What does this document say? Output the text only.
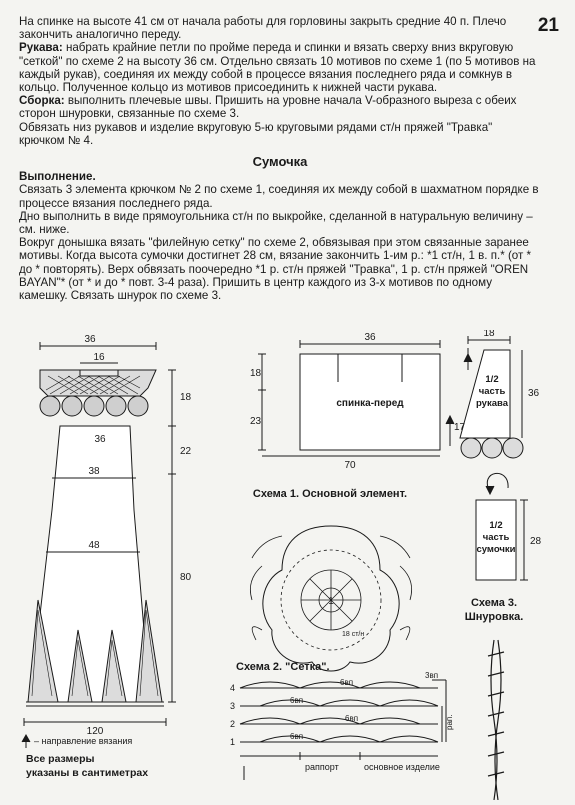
21

На спинке на высоте 41 см от начала работы для горловины закрыть средние 40 п. Плечо закончить аналогично переду.

Рукава: набрать крайние петли по пройме переда и спинки и вязать сверху вниз вкруговую "сеткой" по схеме 2 на высоту 36 см. Отдельно связать 10 мотивов по схеме 1 (по 5 мотивов на каждый рукав), соединяя их между собой в процессе вязания последнего ряда и сомкнув в кольцо. Полученное кольцо из мотивов присоединить к нижней части рукава.

Сборка: выполнить плечевые швы. Пришить на уровне начала V-образного выреза с обеих сторон шнуровки, связанные по схеме 3.

Обвязать низ рукавов и изделие вкруговую 5-ю круговыми рядами ст/н пряжей "Травка" крючком № 4.

Сумочка

Выполнение.

Связать 3 элемента крючком № 2 по схеме 1, соединяя их между собой в шахматном порядке в процессе вязания последнего ряда.

Дно выполнить в виде прямоугольника ст/н по выкройке, сделанной в натуральную величину – см. ниже.

Вокруг донышка вязать "филейную сетку" по схеме 2, обвязывая при этом связанные заранее мотивы. Когда высота сумочки достигнет 28 см, вязание закончить 1-им р.: *1 ст/н, 1 в. п.* (от * до * повторять). Верх обвязать поочередно *1 р. ст/н пряжей "Травка", 1 р. ст/н пряжей "OREN BAYAN"* (от * и до * повт. 3-4 раза). Пришить в центр каждого из 3-х мотивов по одному камешку. Связать шнурок по схеме 3.

36
16
18
36
22
38
48
80
120
– направление вязания
Все размеры
указаны в сантиметрах
36
18
23
70
17
спинка-перед
18
36
1/2
часть
рукава
Схема 1. Основной элемент.
1
18 ст/н
1/2
часть
сумочки
28
Схема 3.
Шнуровка.
Схема 2. "Сетка".
4
3
2
1
6вп
6вп
6вп
6вп
3вп
рап.
раппорт	основное изделие
